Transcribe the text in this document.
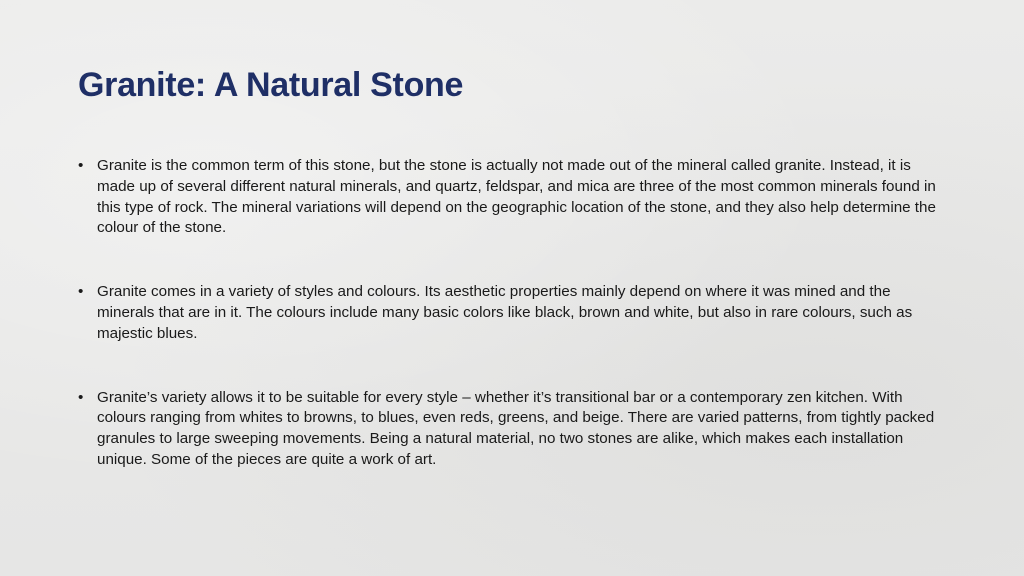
Granite: A Natural Stone
• Granite is the common term of this stone, but the stone is actually not made out of the mineral called granite. Instead, it is made up of several different natural minerals, and quartz, feldspar, and mica are three of the most common minerals found in this type of rock. The mineral variations will depend on the geographic location of the stone, and they also help determine the colour of the stone.
• Granite comes in a variety of styles and colours. Its aesthetic properties mainly depend on where it was mined and the minerals that are in it. The colours include many basic colors like black, brown and white, but also in rare colours, such as majestic blues.
• Granite’s variety allows it to be suitable for every style – whether it’s transitional bar or a contemporary zen kitchen. With colours ranging from whites to browns, to blues, even reds, greens, and beige. There are varied patterns, from tightly packed granules to large sweeping movements. Being a natural material, no two stones are alike, which makes each installation unique. Some of the pieces are quite a work of art.
